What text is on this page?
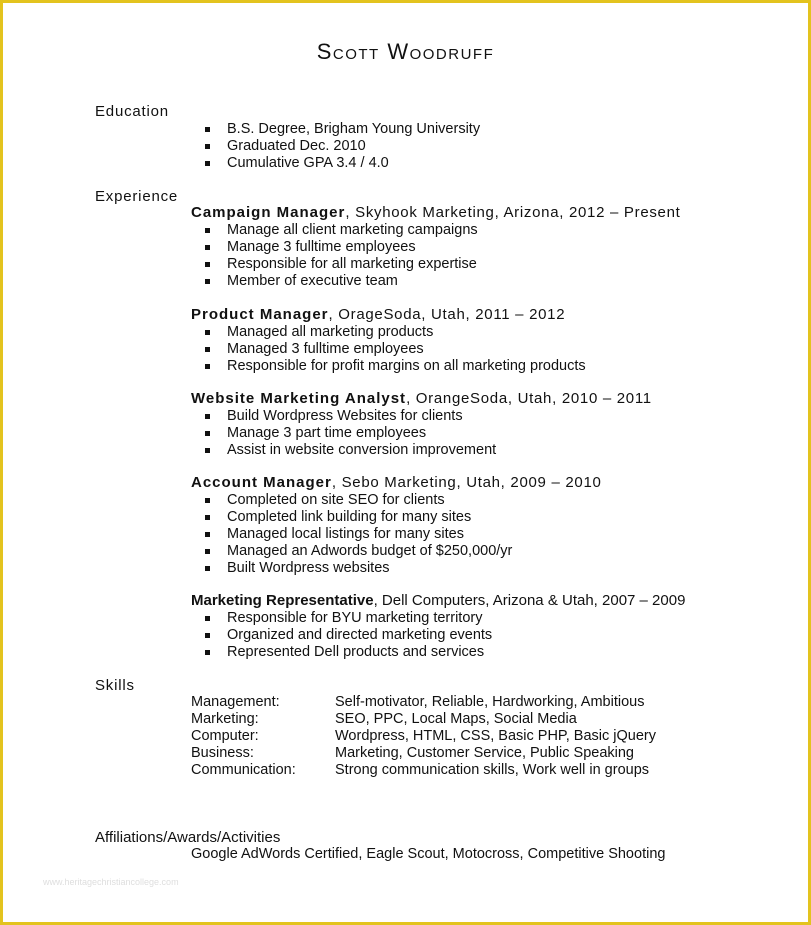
Scott Woodruff
Education
B.S. Degree, Brigham Young University
Graduated Dec. 2010
Cumulative GPA 3.4 / 4.0
Experience
Campaign Manager, Skyhook Marketing, Arizona, 2012 – Present
Manage all client marketing campaigns
Manage 3 fulltime employees
Responsible for all marketing expertise
Member of executive team
Product Manager, OrageSoda, Utah, 2011 – 2012
Managed all marketing products
Managed 3 fulltime employees
Responsible for profit margins on all marketing products
Website Marketing Analyst, OrangeSoda, Utah, 2010 – 2011
Build Wordpress Websites for clients
Manage 3 part time employees
Assist in website conversion improvement
Account Manager, Sebo Marketing, Utah, 2009 – 2010
Completed on site SEO for clients
Completed link building for many sites
Managed local listings for many sites
Managed an Adwords budget of $250,000/yr
Built Wordpress websites
Marketing Representative, Dell Computers, Arizona & Utah, 2007 – 2009
Responsible for BYU marketing territory
Organized and directed marketing events
Represented Dell products and services
Skills
Management:	Self-motivator, Reliable, Hardworking, Ambitious
Marketing:	SEO, PPC, Local Maps, Social Media
Computer:	Wordpress, HTML, CSS, Basic PHP, Basic jQuery
Business:	Marketing, Customer Service, Public Speaking
Communication:	Strong communication skills, Work well in groups
Affiliations/Awards/Activities
Google AdWords Certified, Eagle Scout, Motocross, Competitive Shooting
www.heritagechristiancollege.com
